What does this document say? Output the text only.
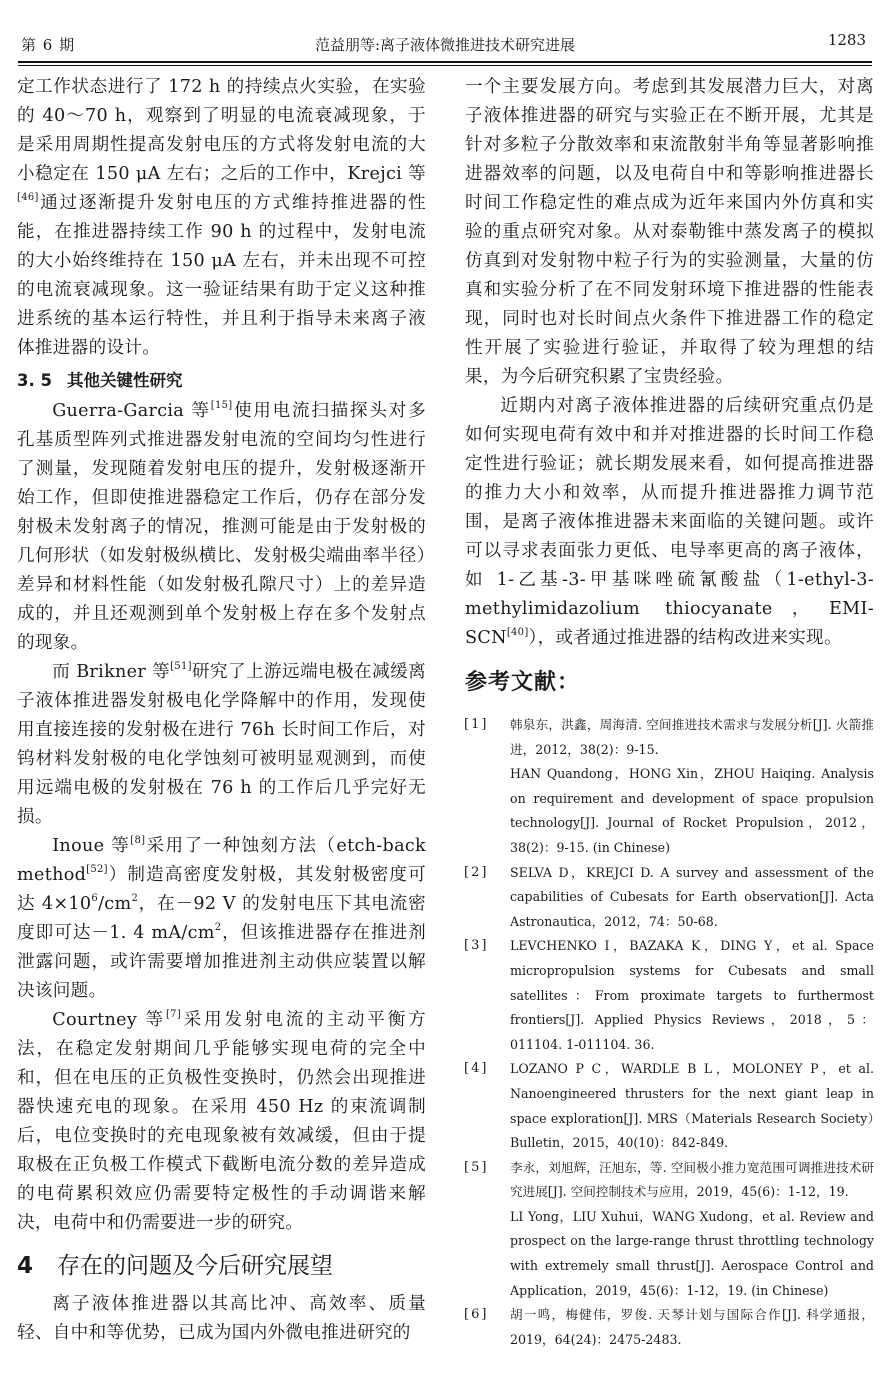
第 6 期	范益朋等:离子液体微推进技术研究进展	1283

定工作状态进行了 172 h 的持续点火实验，在实验的 40～70 h，观察到了明显的电流衰减现象，于是采用周期性提高发射电压的方式将发射电流的大小稳定在 150 μA 左右；之后的工作中，Krejci 等[46]通过逐渐提升发射电压的方式维持推进器的性能，在推进器持续工作 90 h 的过程中，发射电流的大小始终维持在 150 μA 左右，并未出现不可控的电流衰减现象。这一验证结果有助于定义这种推进系统的基本运行特性，并且利于指导未来离子液体推进器的设计。

3. 5 其他关键性研究

Guerra-Garcia 等[15]使用电流扫描探头对多孔基质型阵列式推进器发射电流的空间均匀性进行了测量，发现随着发射电压的提升，发射极逐渐开始工作，但即使推进器稳定工作后，仍存在部分发射极未发射离子的情况，推测可能是由于发射极的几何形状（如发射极纵横比、发射极尖端曲率半径）差异和材料性能（如发射极孔隙尺寸）上的差异造成的，并且还观测到单个发射极上存在多个发射点的现象。

而 Brikner 等[51]研究了上游远端电极在减缓离子液体推进器发射极电化学降解中的作用，发现使用直接连接的发射极在进行 76h 长时间工作后，对钨材料发射极的电化学蚀刻可被明显观测到，而使用远端电极的发射极在 76 h 的工作后几乎完好无损。

Inoue 等[8]采用了一种蚀刻方法（etch-back method[52]）制造高密度发射极，其发射极密度可达 $4\times 10^6/cm^2$，在－92 V 的发射电压下其电流密度即可达－1. 4 $mA/cm^2$，但该推进器存在推进剂泄露问题，或许需要增加推进剂主动供应装置以解决该问题。

Courtney 等[7]采用发射电流的主动平衡方法，在稳定发射期间几乎能够实现电荷的完全中和，但在电压的正负极性变换时，仍然会出现推进器快速充电的现象。在采用 450 Hz 的束流调制后，电位变换时的充电现象被有效减缓，但由于提取极在正负极工作模式下截断电流分数的差异造成的电荷累积效应仍需要特定极性的手动调谐来解决，电荷中和仍需要进一步的研究。

4 存在的问题及今后研究展望

离子液体推进器以其高比冲、高效率、质量轻、自中和等优势，已成为国内外微电推进研究的

一个主要发展方向。考虑到其发展潜力巨大，对离子液体推进器的研究与实验正在不断开展，尤其是针对多粒子分散效率和束流散射半角等显著影响推进器效率的问题，以及电荷自中和等影响推进器长时间工作稳定性的难点成为近年来国内外仿真和实验的重点研究对象。从对泰勒锥中蒸发离子的模拟仿真到对发射物中粒子行为的实验测量，大量的仿真和实验分析了在不同发射环境下推进器的性能表现，同时也对长时间点火条件下推进器工作的稳定性开展了实验进行验证，并取得了较为理想的结果，为今后研究积累了宝贵经验。

近期内对离子液体推进器的后续研究重点仍是如何实现电荷有效中和并对推进器的长时间工作稳定性进行验证；就长期发展来看，如何提高推进器的推力大小和效率，从而提升推进器推力调节范围，是离子液体推进器未来面临的关键问题。或许可以寻求表面张力更低、电导率更高的离子液体，如 1-乙基-3-甲基咪唑硫氰酸盐（1-ethyl-3-methylimidazolium thiocyanate，EMI-SCN[40]），或者通过推进器的结构改进来实现。

参考文献：
[1] 韩泉东，洪鑫，周海清. 空间推进技术需求与发展分析[J]. 火箭推进，2012，38(2)：9-15.
HAN Quandong，HONG Xin，ZHOU Haiqing. Analysis on requirement and development of space propulsion technology[J]. Journal of Rocket Propulsion，2012，38(2)：9-15. (in Chinese)
[2] SELVA D，KREJCI D. A survey and assessment of the capabilities of Cubesats for Earth observation[J]. Acta Astronautica，2012，74：50-68.
[3] LEVCHENKO I，BAZAKA K，DING Y，et al. Space micropropulsion systems for Cubesats and small satellites：From proximate targets to furthermost frontiers[J]. Applied Physics Reviews，2018，5：011104. 1-011104. 36.
[4] LOZANO P C，WARDLE B L，MOLONEY P，et al. Nanoengineered thrusters for the next giant leap in space exploration[J]. MRS（Materials Research Society）Bulletin，2015，40(10)：842-849.
[5] 李永，刘旭辉，汪旭东，等. 空间极小推力宽范围可调推进技术研究进展[J]. 空间控制技术与应用，2019，45(6)：1-12，19.
LI Yong，LIU Xuhui，WANG Xudong，et al. Review and prospect on the large-range thrust throttling technology with extremely small thrust[J]. Aerospace Control and Application，2019，45(6)：1-12，19. (in Chinese)
[6] 胡一鸣，梅健伟，罗俊. 天琴计划与国际合作[J]. 科学通报，2019，64(24)：2475-2483.
